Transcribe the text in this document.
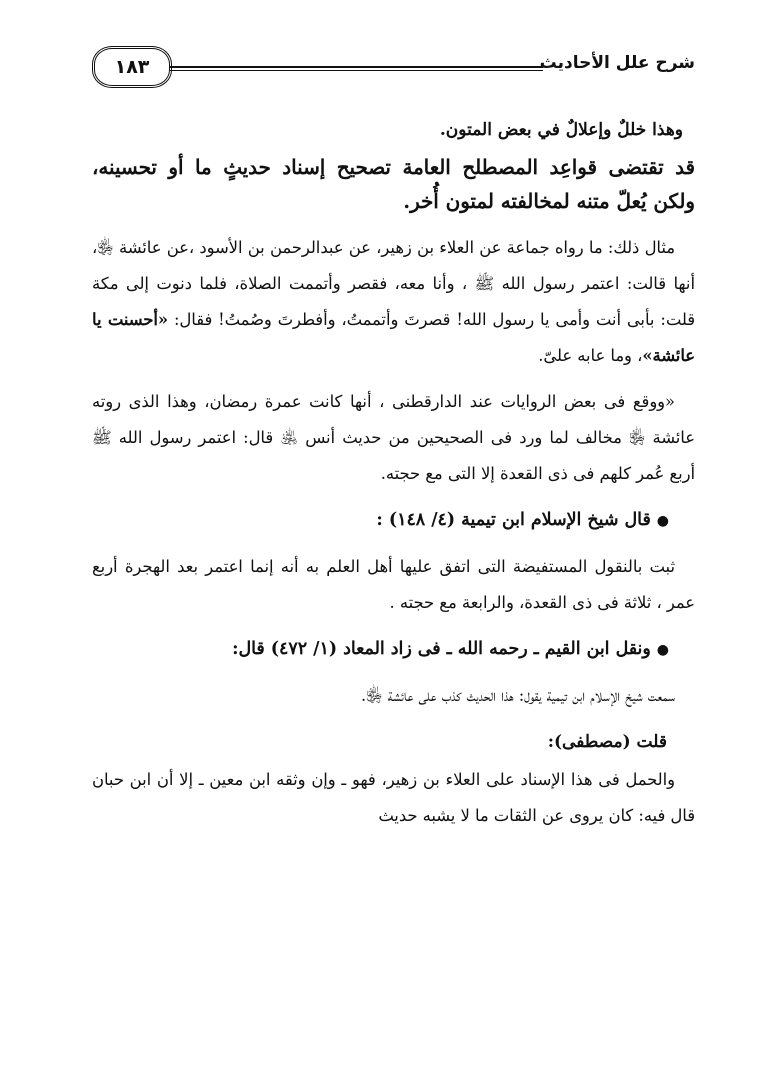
شرح علل الأحاديث
١٨٣

وهذا خللٌ وإعلالٌ في بعض المتون.

قد تقتضى قواعِد المصطلح العامة تصحيح إسناد حديثٍ ما أو تحسينه، ولكن يُعلّ متنه لمخالفته لمتون أُخر.

مثال ذلك: ما رواه جماعة عن العلاء بن زهير، عن عبدالرحمن بن الأسود ،عن عائشة ﵂، أنها قالت: اعتمر رسول الله ﷺ ، وأنا معه، فقصر وأتممت الصلاة، فلما دنوت إلى مكة قلت: بأبى أنت وأمى يا رسول الله! قصرتَ وأتممتُ، وأفطرتَ وصُمتُ! فقال: «أحسنت يا عائشة»، وما عابه علىّ.

«ووقع فى بعض الروايات عند الدارقطنى ، أنها كانت عمرة رمضان، وهذا الذى روته عائشة ﵂ مخالف لما ورد فى الصحيحين من حديث أنس ﵁ قال: اعتمر رسول الله ﷺ أربع عُمر كلهم فى ذى القعدة إلا التى مع حجته.

●قال شيخ الإسلام ابن تيمية (٤/ ١٤٨) :

ثبت بالنقول المستفيضة التى اتفق عليها أهل العلم به أنه إنما اعتمر بعد الهجرة أربع عمر ، ثلاثة فى ذى القعدة، والرابعة مع حجته .

●ونقل ابن القيم ـ رحمه الله ـ فى زاد المعاد (١/ ٤٧٢) قال:

سمعت شيخ الإسلام ابن تيمية يقول: هذا الحديث كذب على عائشة ﵂.

قلت (مصطفى):

والحمل فى هذا الإسناد على العلاء بن زهير، فهو ـ وإن وثقه ابن معين ـ إلا أن ابن حبان قال فيه: كان يروى عن الثقات ما لا يشبه حديث
